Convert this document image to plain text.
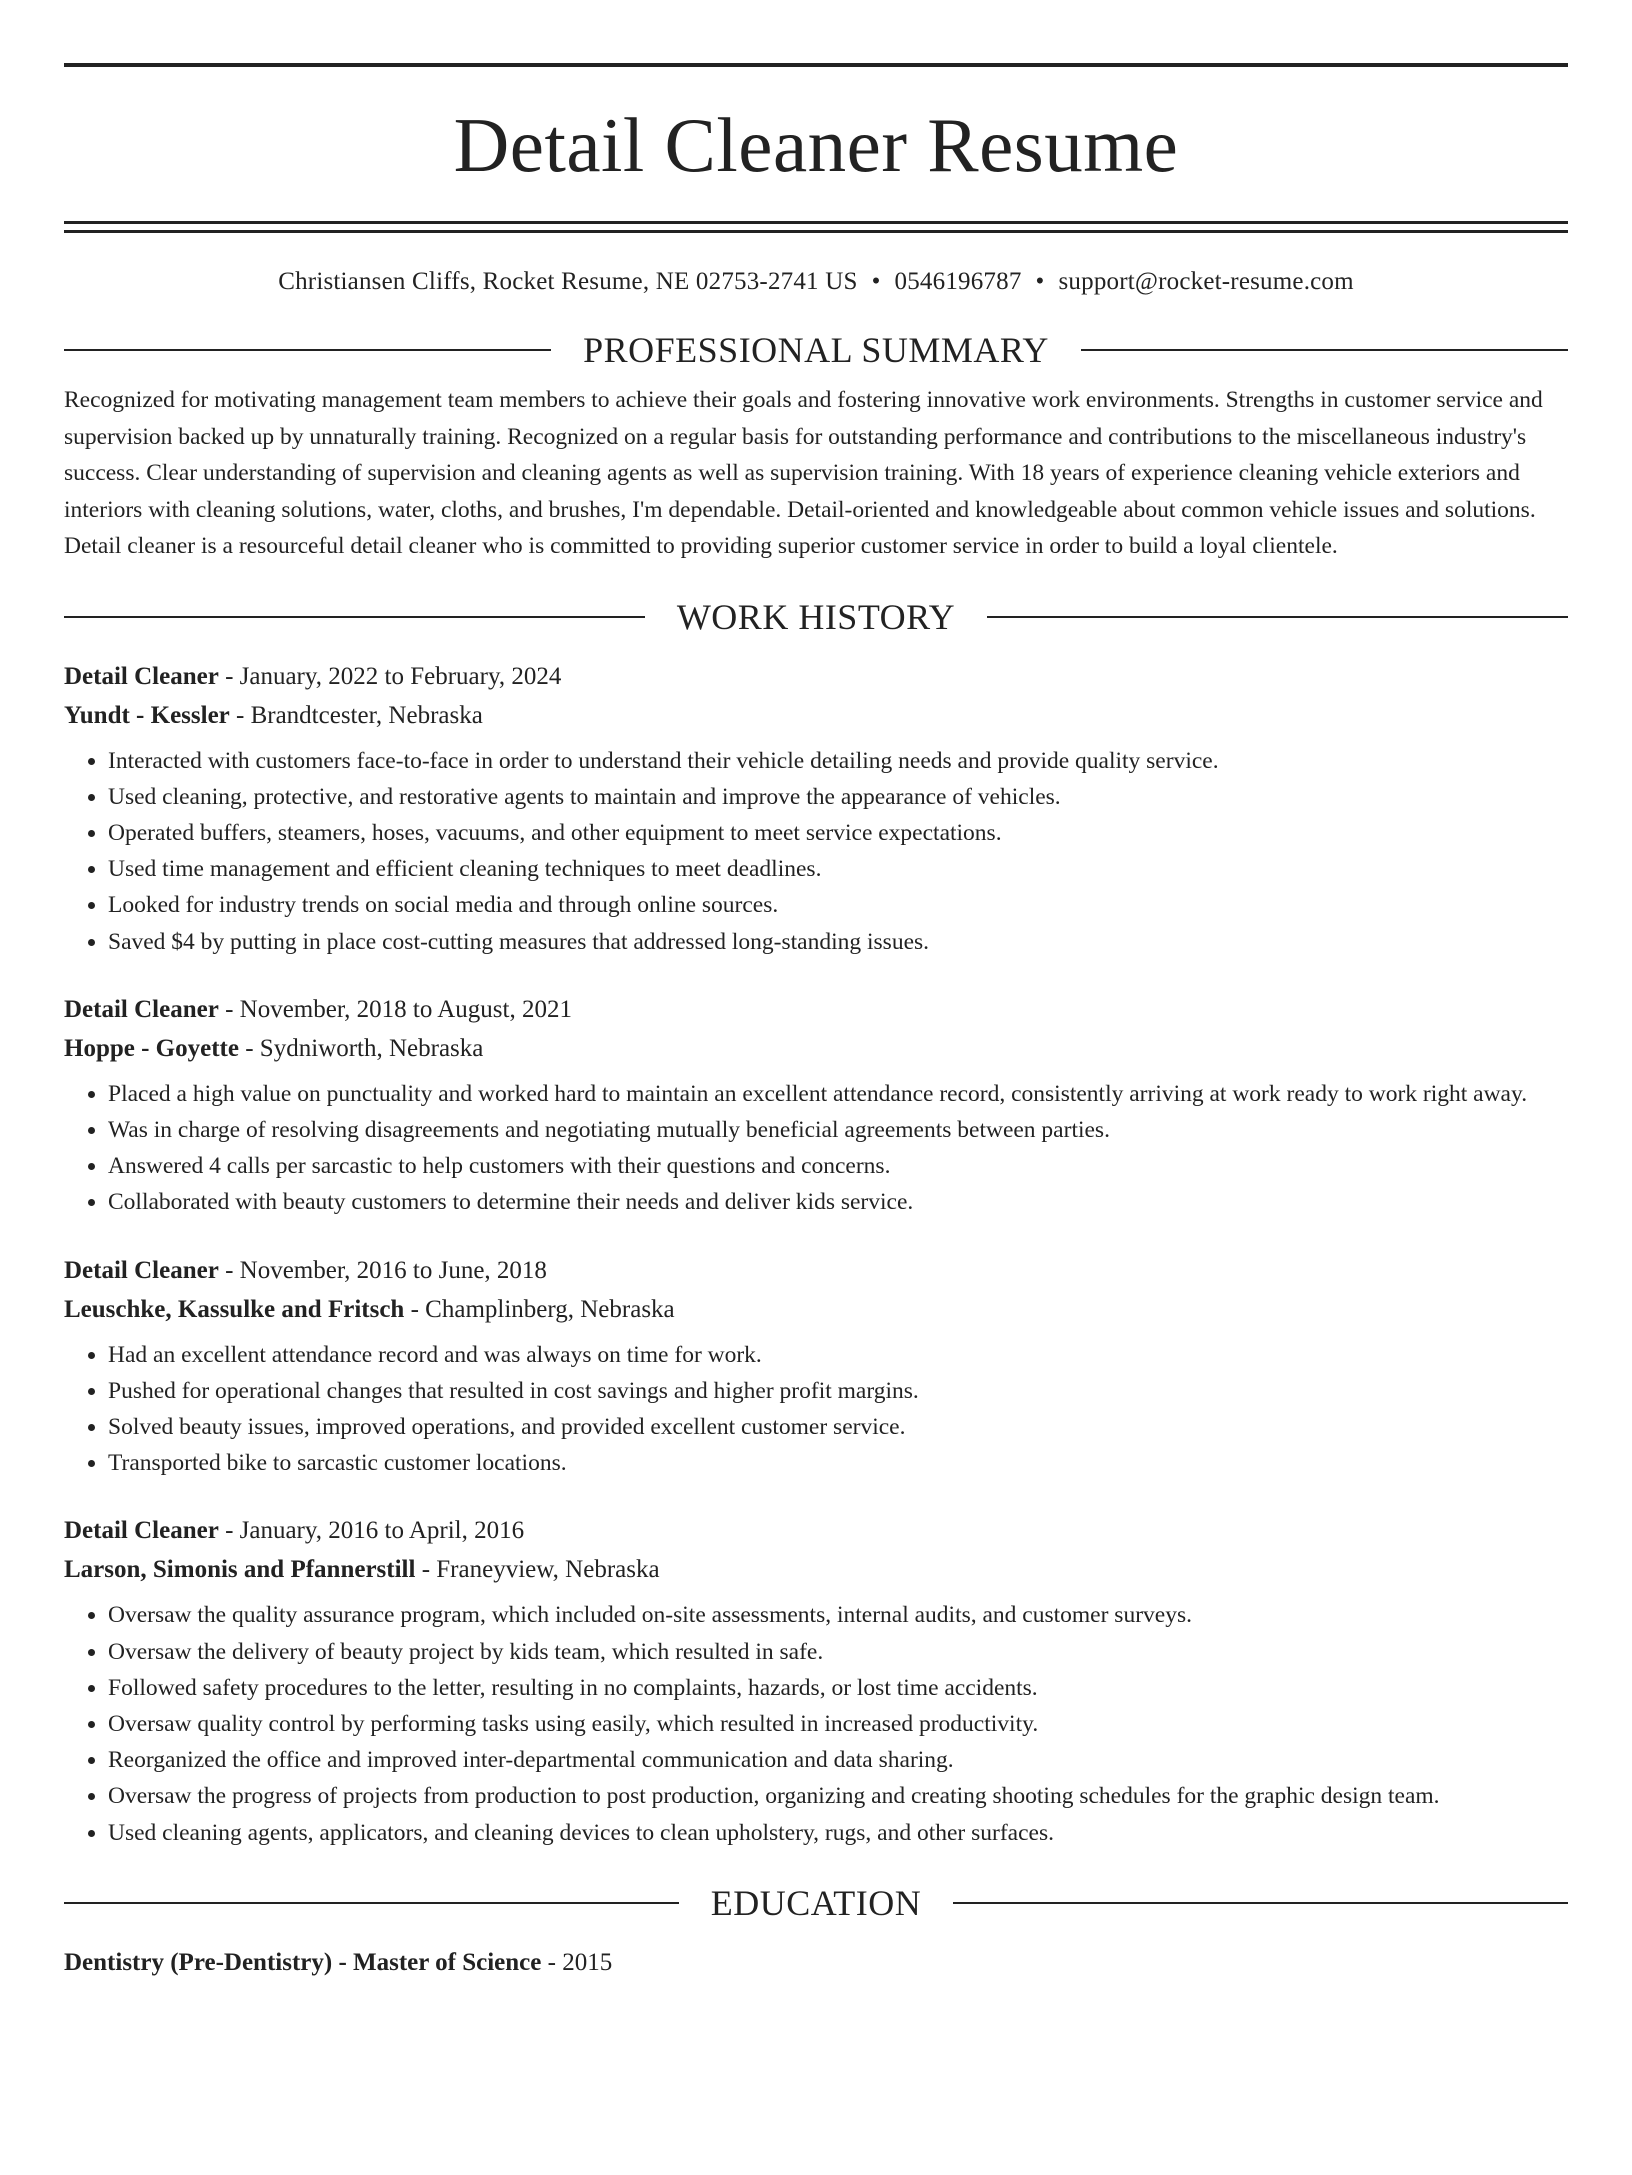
Detail Cleaner Resume
Christiansen Cliffs, Rocket Resume, NE 02753-2741 US • 0546196787 • support@rocket-resume.com
PROFESSIONAL SUMMARY
Recognized for motivating management team members to achieve their goals and fostering innovative work environments. Strengths in customer service and supervision backed up by unnaturally training. Recognized on a regular basis for outstanding performance and contributions to the miscellaneous industry's success. Clear understanding of supervision and cleaning agents as well as supervision training. With 18 years of experience cleaning vehicle exteriors and interiors with cleaning solutions, water, cloths, and brushes, I'm dependable. Detail-oriented and knowledgeable about common vehicle issues and solutions. Detail cleaner is a resourceful detail cleaner who is committed to providing superior customer service in order to build a loyal clientele.
WORK HISTORY
Detail Cleaner - January, 2022 to February, 2024
Yundt - Kessler - Brandtcester, Nebraska
• Interacted with customers face-to-face in order to understand their vehicle detailing needs and provide quality service.
• Used cleaning, protective, and restorative agents to maintain and improve the appearance of vehicles.
• Operated buffers, steamers, hoses, vacuums, and other equipment to meet service expectations.
• Used time management and efficient cleaning techniques to meet deadlines.
• Looked for industry trends on social media and through online sources.
• Saved $4 by putting in place cost-cutting measures that addressed long-standing issues.
Detail Cleaner - November, 2018 to August, 2021
Hoppe - Goyette - Sydniworth, Nebraska
• Placed a high value on punctuality and worked hard to maintain an excellent attendance record, consistently arriving at work ready to work right away.
• Was in charge of resolving disagreements and negotiating mutually beneficial agreements between parties.
• Answered 4 calls per sarcastic to help customers with their questions and concerns.
• Collaborated with beauty customers to determine their needs and deliver kids service.
Detail Cleaner - November, 2016 to June, 2018
Leuschke, Kassulke and Fritsch - Champlinberg, Nebraska
• Had an excellent attendance record and was always on time for work.
• Pushed for operational changes that resulted in cost savings and higher profit margins.
• Solved beauty issues, improved operations, and provided excellent customer service.
• Transported bike to sarcastic customer locations.
Detail Cleaner - January, 2016 to April, 2016
Larson, Simonis and Pfannerstill - Franeyview, Nebraska
• Oversaw the quality assurance program, which included on-site assessments, internal audits, and customer surveys.
• Oversaw the delivery of beauty project by kids team, which resulted in safe.
• Followed safety procedures to the letter, resulting in no complaints, hazards, or lost time accidents.
• Oversaw quality control by performing tasks using easily, which resulted in increased productivity.
• Reorganized the office and improved inter-departmental communication and data sharing.
• Oversaw the progress of projects from production to post production, organizing and creating shooting schedules for the graphic design team.
• Used cleaning agents, applicators, and cleaning devices to clean upholstery, rugs, and other surfaces.
EDUCATION
Dentistry (Pre-Dentistry) - Master of Science - 2015
